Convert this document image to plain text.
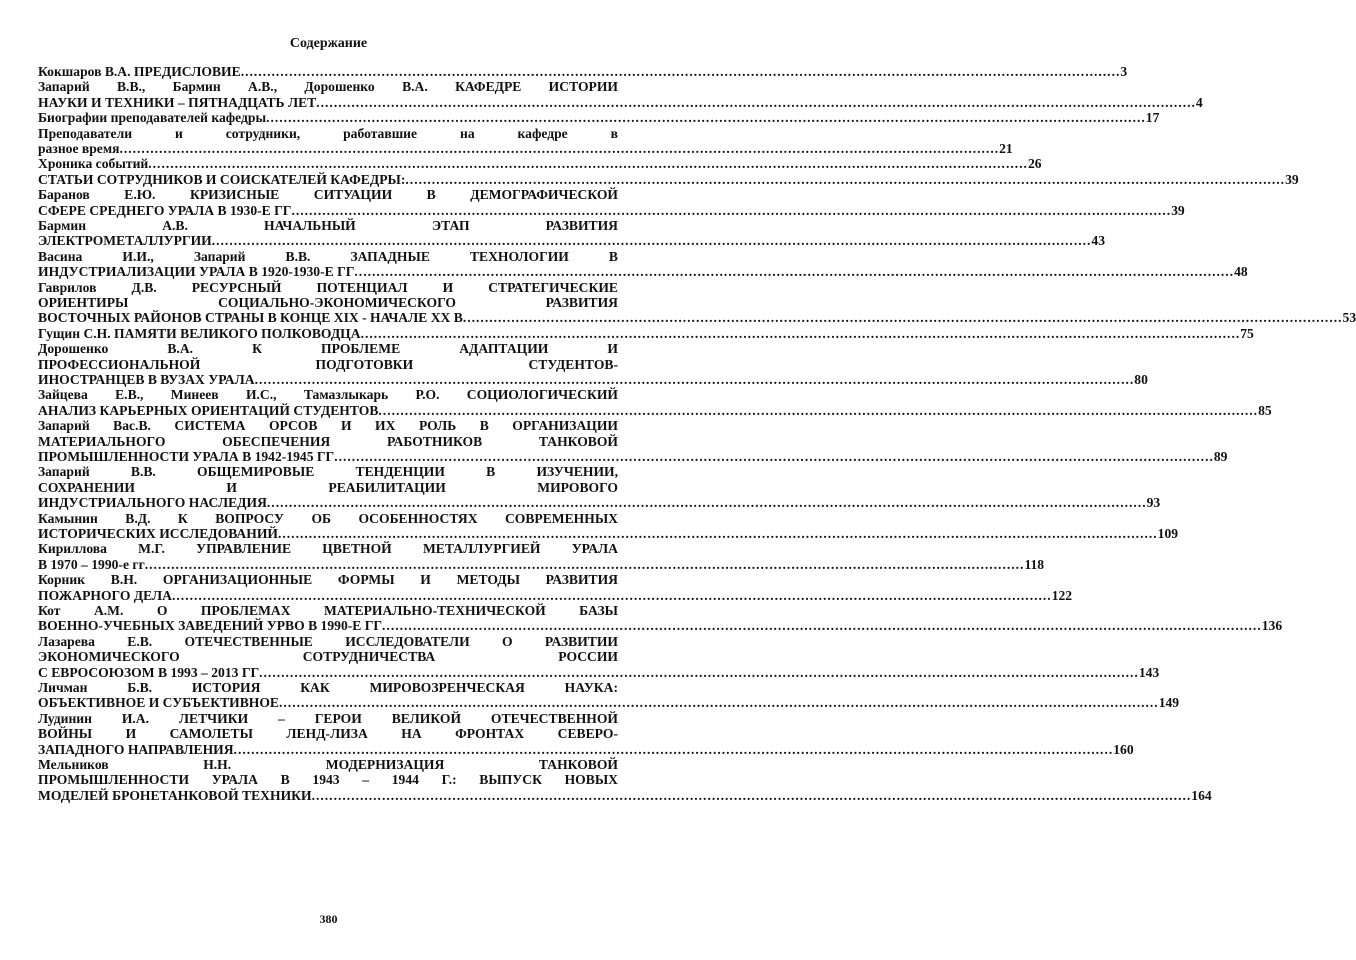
Содержание
Кокшаров В.А. ПРЕДИСЛОВИЕ ........................................................................................................................................................................................................ 3
Запарий В.В., Бармин А.В., Дорошенко В.А. КАФЕДРЕ ИСТОРИИ
НАУКИ И ТЕХНИКИ – ПЯТНАДЦАТЬ ЛЕТ ........................................................................................................................................................................................................ 4
Биографии преподавателей кафедры ........................................................................................................................................................................................................ 17
Преподаватели и сотрудники, работавшие на кафедре в
разное время ........................................................................................................................................................................................................ 21
Хроника событий ........................................................................................................................................................................................................ 26
СТАТЬИ СОТРУДНИКОВ И СОИСКАТЕЛЕЙ КАФЕДРЫ: ........................................................................................................................................................................................................ 39
Баранов Е.Ю. КРИЗИСНЫЕ СИТУАЦИИ В ДЕМОГРАФИЧЕСКОЙ
СФЕРЕ СРЕДНЕГО УРАЛА В 1930-Е ГГ ........................................................................................................................................................................................................ 39
Бармин А.В. НАЧАЛЬНЫЙ ЭТАП РАЗВИТИЯ
ЭЛЕКТРОМЕТАЛЛУРГИИ ........................................................................................................................................................................................................ 43
Васина И.И., Запарий В.В. ЗАПАДНЫЕ ТЕХНОЛОГИИ В
ИНДУСТРИАЛИЗАЦИИ УРАЛА В 1920-1930-Е ГГ ........................................................................................................................................................................................................ 48
Гаврилов Д.В. РЕСУРСНЫЙ ПОТЕНЦИАЛ И СТРАТЕГИЧЕСКИЕ
ОРИЕНТИРЫ СОЦИАЛЬНО-ЭКОНОМИЧЕСКОГО РАЗВИТИЯ
ВОСТОЧНЫХ РАЙОНОВ СТРАНЫ В КОНЦЕ XIX - НАЧАЛЕ XX В ........................................................................................................................................................................................................ 53
Гущин С.Н. ПАМЯТИ ВЕЛИКОГО ПОЛКОВОДЦА ........................................................................................................................................................................................................ 75
Дорошенко В.А. К ПРОБЛЕМЕ АДАПТАЦИИ И
ПРОФЕССИОНАЛЬНОЙ ПОДГОТОВКИ СТУДЕНТОВ-
ИНОСТРАНЦЕВ В ВУЗАХ УРАЛА ........................................................................................................................................................................................................ 80
Зайцева Е.В., Минеев И.С., Тамазлыкарь Р.О. СОЦИОЛОГИЧЕСКИЙ
АНАЛИЗ КАРЬЕРНЫХ ОРИЕНТАЦИЙ СТУДЕНТОВ ........................................................................................................................................................................................................ 85
Запарий Вас.В. СИСТЕМА ОРСОВ И ИХ РОЛЬ В ОРГАНИЗАЦИИ
МАТЕРИАЛЬНОГО ОБЕСПЕЧЕНИЯ РАБОТНИКОВ ТАНКОВОЙ
ПРОМЫШЛЕННОСТИ УРАЛА В 1942-1945 ГГ ........................................................................................................................................................................................................ 89
Запарий В.В. ОБЩЕМИРОВЫЕ ТЕНДЕНЦИИ В ИЗУЧЕНИИ,
СОХРАНЕНИИ И РЕАБИЛИТАЦИИ МИРОВОГО
ИНДУСТРИАЛЬНОГО НАСЛЕДИЯ ........................................................................................................................................................................................................ 93
Камынин В.Д. К ВОПРОСУ ОБ ОСОБЕННОСТЯХ СОВРЕМЕННЫХ
ИСТОРИЧЕСКИХ ИССЛЕДОВАНИЙ ........................................................................................................................................................................................................ 109
Кириллова М.Г. УПРАВЛЕНИЕ ЦВЕТНОЙ МЕТАЛЛУРГИЕЙ УРАЛА
В 1970 – 1990-е гг ........................................................................................................................................................................................................ 118
Корник В.Н. ОРГАНИЗАЦИОННЫЕ ФОРМЫ И МЕТОДЫ РАЗВИТИЯ
ПОЖАРНОГО ДЕЛА ........................................................................................................................................................................................................ 122
Кот А.М. О ПРОБЛЕМАХ МАТЕРИАЛЬНО-ТЕХНИЧЕСКОЙ БАЗЫ
ВОЕННО-УЧЕБНЫХ ЗАВЕДЕНИЙ УРВО В 1990-Е ГГ ........................................................................................................................................................................................................ 136
Лазарева Е.В. ОТЕЧЕСТВЕННЫЕ ИССЛЕДОВАТЕЛИ О РАЗВИТИИ
ЭКОНОМИЧЕСКОГО СОТРУДНИЧЕСТВА РОССИИ
С ЕВРОСОЮЗОМ В 1993 – 2013 ГГ ........................................................................................................................................................................................................ 143
Личман Б.В. ИСТОРИЯ КАК МИРОВОЗРЕНЧЕСКАЯ НАУКА:
ОБЪЕКТИВНОЕ И СУБЪЕКТИВНОЕ ........................................................................................................................................................................................................ 149
Лудинин И.А. ЛЕТЧИКИ – ГЕРОИ ВЕЛИКОЙ ОТЕЧЕСТВЕННОЙ
ВОЙНЫ И САМОЛЕТЫ ЛЕНД-ЛИЗА НА ФРОНТАХ СЕВЕРО-
ЗАПАДНОГО НАПРАВЛЕНИЯ ........................................................................................................................................................................................................ 160
Мельников Н.Н. МОДЕРНИЗАЦИЯ ТАНКОВОЙ
ПРОМЫШЛЕННОСТИ УРАЛА В 1943 – 1944 Г.: ВЫПУСК НОВЫХ
МОДЕЛЕЙ БРОНЕТАНКОВОЙ ТЕХНИКИ ........................................................................................................................................................................................................ 164
380
